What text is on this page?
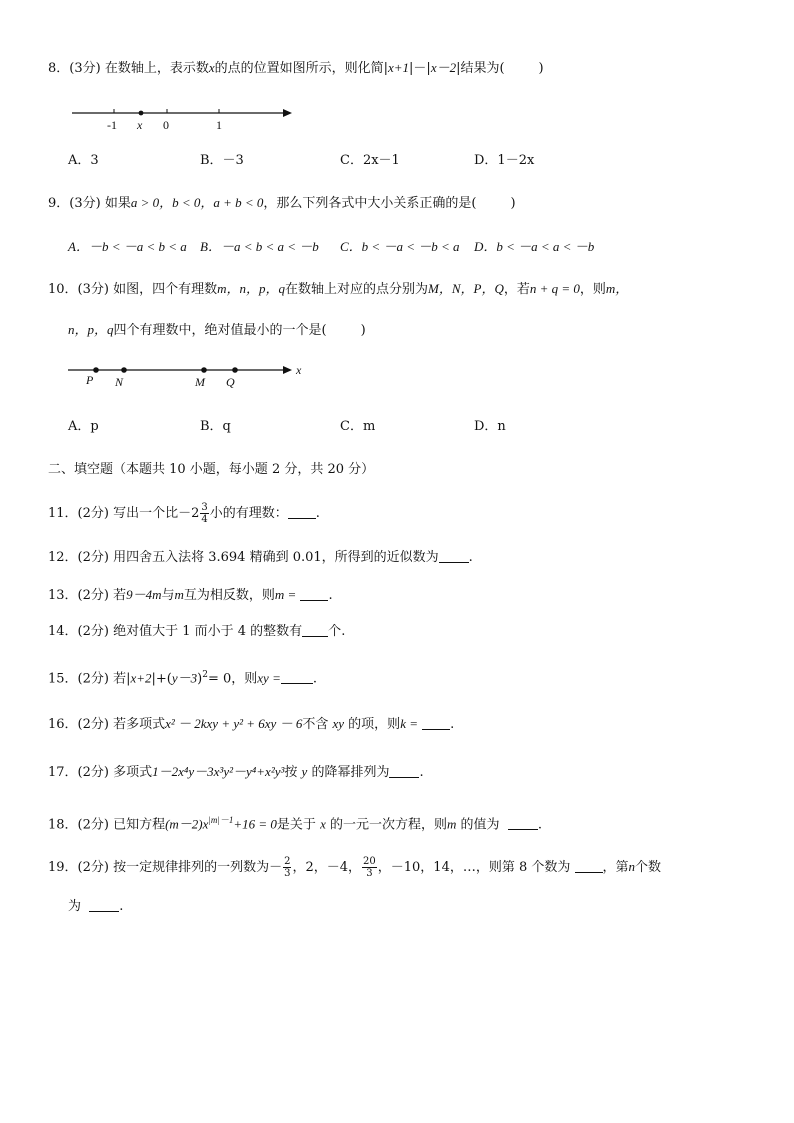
8．(3分) 在数轴上，表示数x的点的位置如图所示，则化简|x+1|－|x－2|结果为(	)
-1 x 0	1
A．3	B．－3	C．2x－1	D．1－2x
9．(3分) 如果a > 0，b < 0，a + b < 0，那么下列各式中大小关系正确的是(	)
A．－b < －a < b < a B．－a < b < a < －b C．b < －a < －b < a D．b < －a < a < －b
10．(3分) 如图，四个有理数m，n，p，q在数轴上对应的点分别为M，N，P，Q，若n + q = 0，则m，
n，p，q四个有理数中，绝对值最小的一个是(	)
P N	M Q
x
A．p	B．q	C．m	D．n
二、填空题（本题共 10 小题，每小题 2 分，共 20 分）
11．(2分) 写出一个比$-2 \frac{3}{4}$ 小的有理数： .
12．(2分) 用四舍五入法将 3.694 精确到 0.01，所得到的近似数为 .
13．(2分) 若9－4m与m互为相反数，则m = .
14．(2分) 绝对值大于 1 而小于 4 的整数有 个.
15．(2分) 若$|x+2|+(y-3)^2= 0$，则xy = .
16．(2分) 若多项式x² － 2kxy + y² + 6xy － 6不含 xy 的项，则k = .
17．(2分) 多项式1－2x⁴y－3x³y²－y⁴+x²y³按 y 的降幂排列为 .
18．(2分) 已知方程$(m-2)x^{|m|-1}+16 = 0$是关于 x 的一元一次方程，则m 的值为	.
19．(2分) 按一定规律排列的一列数为－ $\frac{2}{3}$ ，2，－4， $\frac{20}{3}$ ，－10，14，…，则第 8 个数为 ，第n个数
为	.
